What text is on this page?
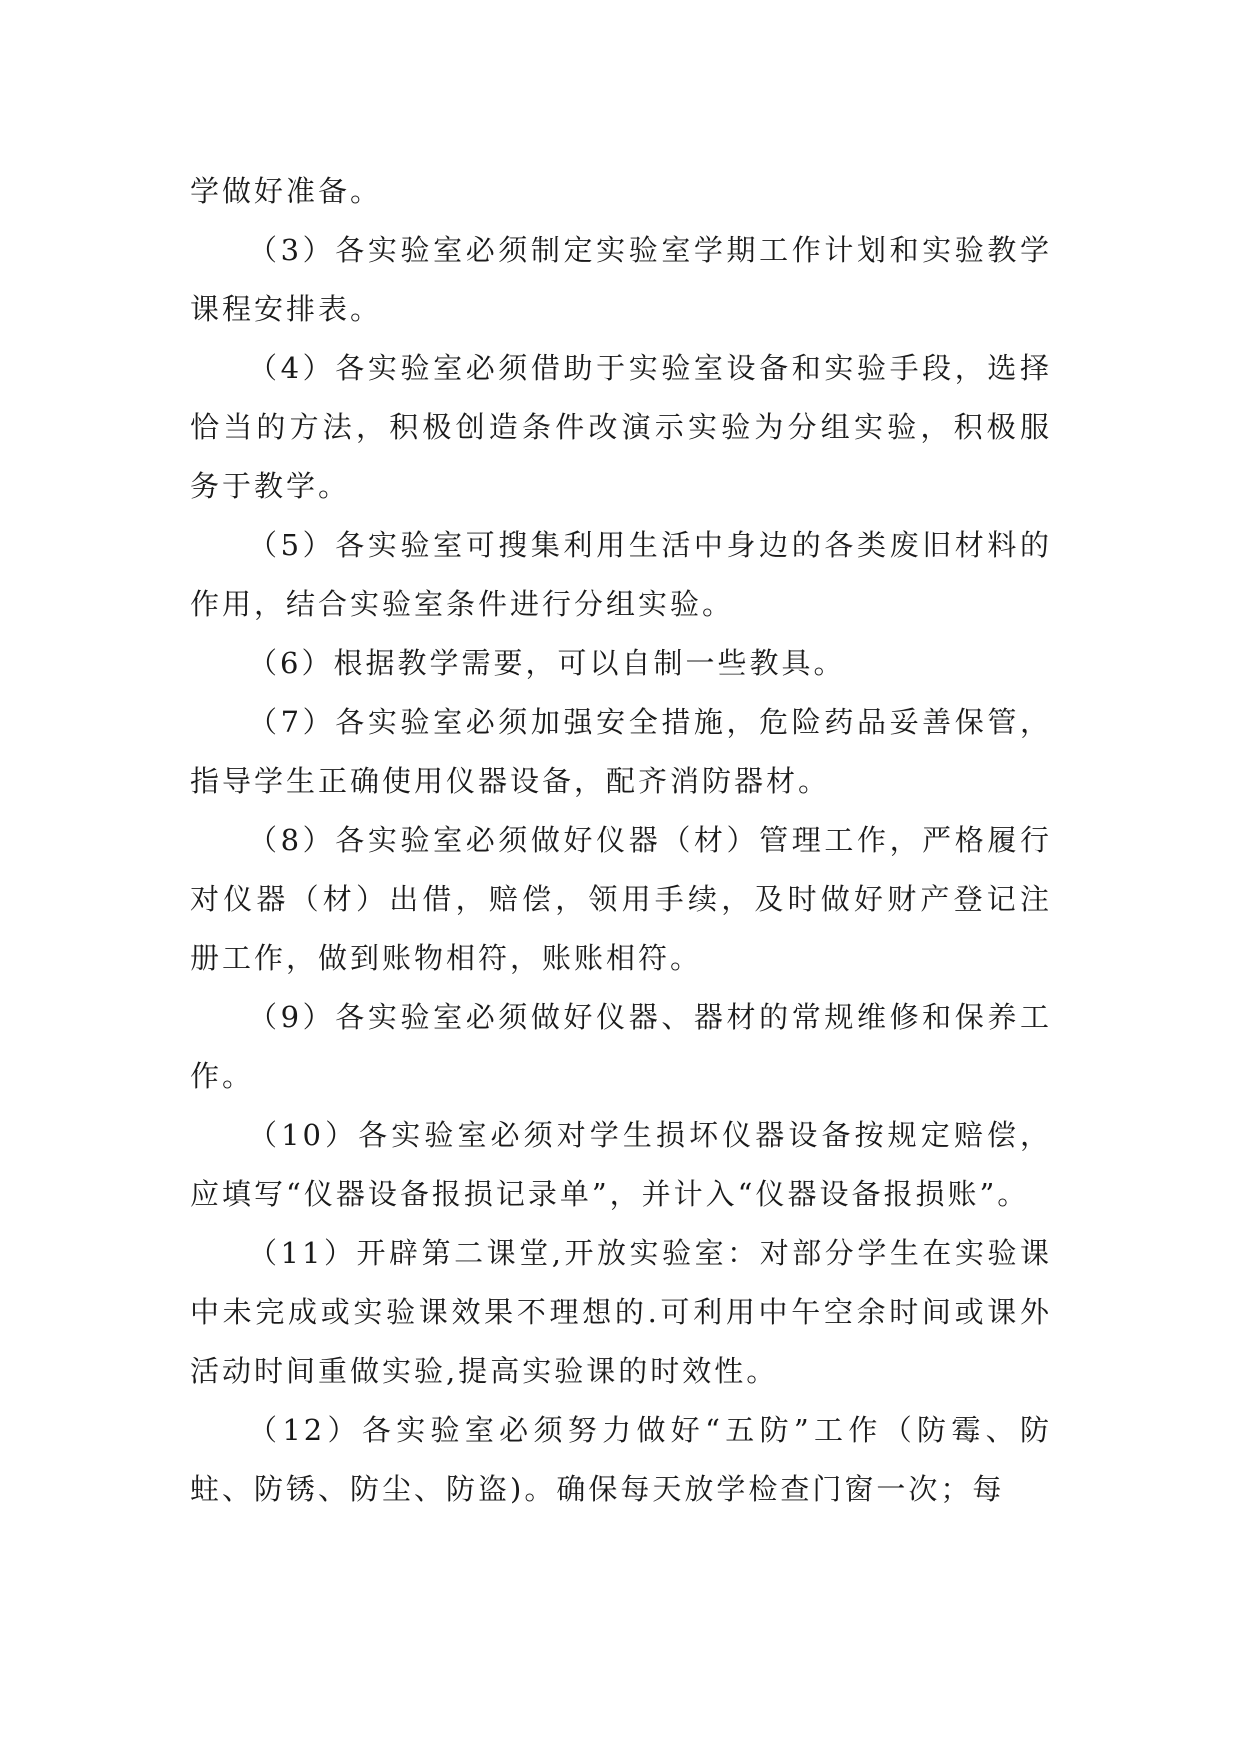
学做好准备。

（3）各实验室必须制定实验室学期工作计划和实验教学课程安排表。

（4）各实验室必须借助于实验室设备和实验手段，选择恰当的方法，积极创造条件改演示实验为分组实验，积极服务于教学。

（5）各实验室可搜集利用生活中身边的各类废旧材料的作用，结合实验室条件进行分组实验。

（6）根据教学需要，可以自制一些教具。

（7）各实验室必须加强安全措施，危险药品妥善保管，指导学生正确使用仪器设备，配齐消防器材。

（8）各实验室必须做好仪器（材）管理工作，严格履行对仪器（材）出借，赔偿，领用手续，及时做好财产登记注册工作，做到账物相符，账账相符。

（9）各实验室必须做好仪器、器材的常规维修和保养工作。

（10）各实验室必须对学生损坏仪器设备按规定赔偿，应填写“仪器设备报损记录单”，并计入“仪器设备报损账”。

（11）开辟第二课堂,开放实验室：对部分学生在实验课中未完成或实验课效果不理想的.可利用中午空余时间或课外活动时间重做实验,提高实验课的时效性。

（12）各实验室必须努力做好“五防”工作（防霉、防蛀、防锈、防尘、防盗)。确保每天放学检查门窗一次；每
